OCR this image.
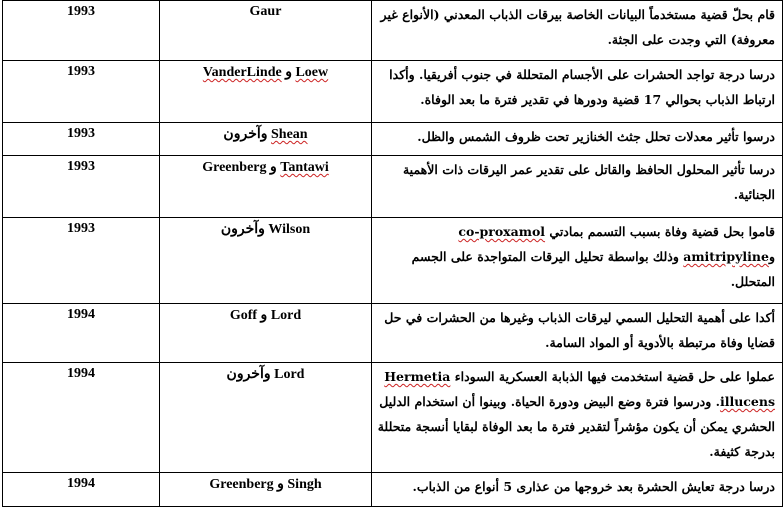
قام بحلّ قضية مستخدماً البيانات الخاصة بيرقات الذباب المعدني (الأنواع غير معروفة) التي وجدت على الجثة.	Gaur	1993
درسا درجة تواجد الحشرات على الأجسام المتحللة في جنوب أفريقيا. وأكدا ارتباط الذباب بحوالي 17 قضية ودورها في تقدير فترة ما بعد الوفاة.	VanderLinde و Loew	1993
درسوا تأثير معدلات تحلل جثث الخنازير تحت ظروف الشمس والظل.	Shean وآخرون	1993
درسا تأثير المحلول الحافظ والقاتل على تقدير عمر اليرقات ذات الأهمية الجنائية.	Greenberg و Tantawi	1993
قاموا بحل قضية وفاة بسبب التسمم بمادتي co-proxamol وamitripyline وذلك بواسطة تحليل اليرقات المتواجدة على الجسم المتحلل.	Wilson وآخرون	1993
أكدا على أهمية التحليل السمي ليرقات الذباب وغيرها من الحشرات في حل قضايا وفاة مرتبطة بالأدوية أو المواد السامة.	Lord و Goff	1994
عملوا على حل قضية استخدمت فيها الذبابة العسكرية السوداء Hermetia illucens. ودرسوا فترة وضع البيض ودورة الحياة. وبينوا أن استخدام الدليل الحشري يمكن أن يكون مؤشراً لتقدير فترة ما بعد الوفاة لبقايا أنسجة متحللة بدرجة كثيفة.	Lord وآخرون	1994
درسا درجة تعايش الحشرة بعد خروجها من عذارى 5 أنواع من الذباب.	Singh و Greenberg	1994
